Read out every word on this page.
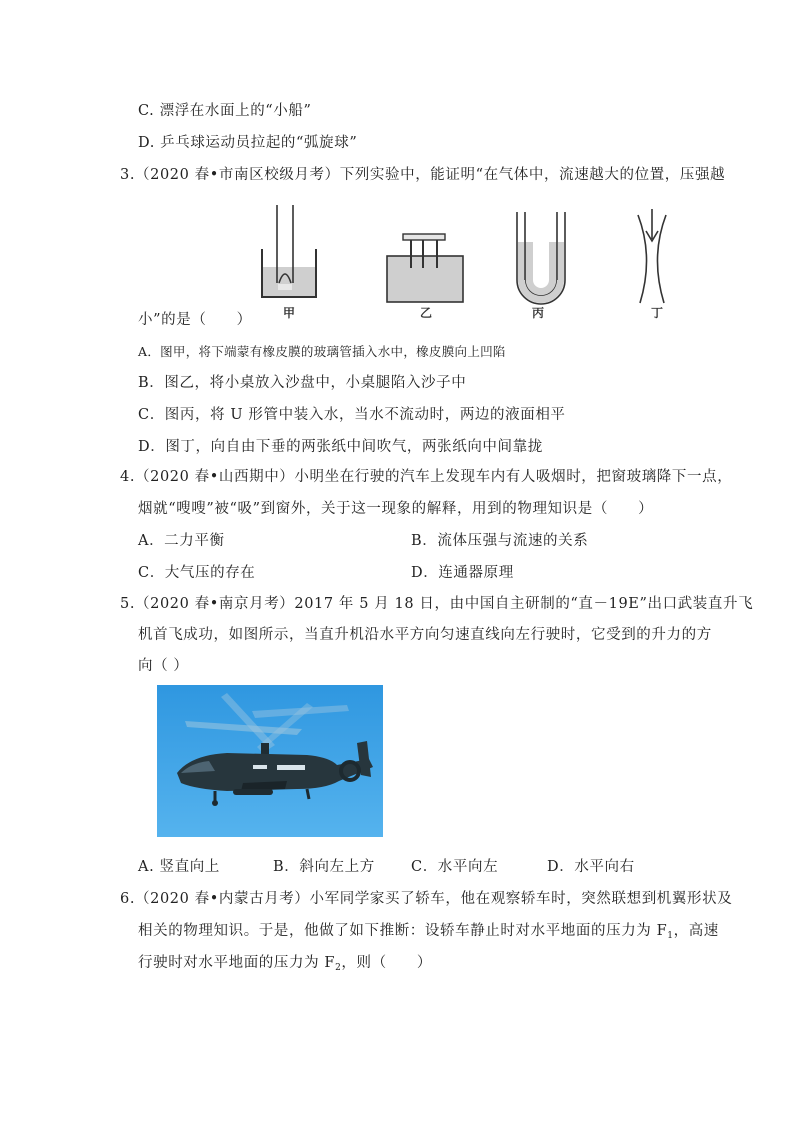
C. 漂浮在水面上的“小船”
D. 乒乓球运动员拉起的“弧旋球”
3.（2020 春•市南区校级月考）下列实验中，能证明“在气体中，流速越大的位置，压强越
甲	乙	丙	丁
小”的是（　　）
A．图甲，将下端蒙有橡皮膜的玻璃管插入水中，橡皮膜向上凹陷
B．图乙，将小桌放入沙盘中，小桌腿陷入沙子中
C．图丙，将 U 形管中装入水，当水不流动时，两边的液面相平
D．图丁，向自由下垂的两张纸中间吹气，两张纸向中间靠拢
4.（2020 春•山西期中）小明坐在行驶的汽车上发现车内有人吸烟时，把窗玻璃降下一点，
烟就“嗖嗖”被“吸”到窗外，关于这一现象的解释，用到的物理知识是（　　）
A．二力平衡	B．流体压强与流速的关系
C．大气压的存在	D．连通器原理
5.（2020 春•南京月考）2017 年 5 月 18 日，由中国自主研制的“直－19E”出口武装直升飞
机首飞成功，如图所示，当直升机沿水平方向匀速直线向左行驶时，它受到的升力的方
向（ ）
A. 竖直向上	B．斜向左上方 C．水平向左	D．水平向右
6.（2020 春•内蒙古月考）小军同学家买了轿车，他在观察轿车时，突然联想到机翼形状及
相关的物理知识。于是，他做了如下推断：设轿车静止时对水平地面的压力为 $F_1$，高速
行驶时对水平地面的压力为 $F_2$，则（　　）
